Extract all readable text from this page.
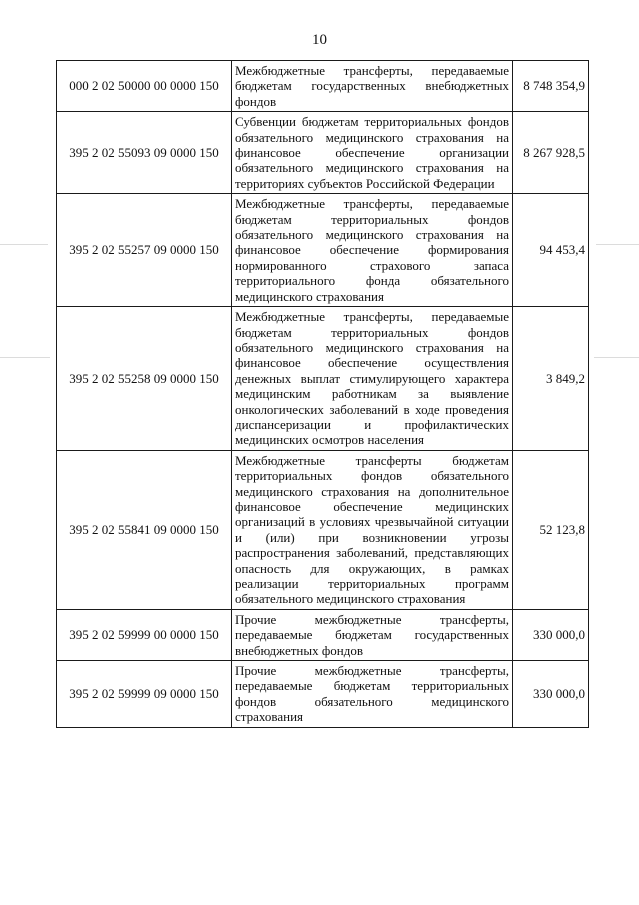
10
000 2 02 50000 00 0000 150	Межбюджетные трансферты, передаваемые бюджетам государственных внебюджетных фондов	8 748 354,9
395 2 02 55093 09 0000 150	Субвенции бюджетам территориальных фондов обязательного медицинского страхования на финансовое обеспечение организации обязательного медицинского страхования на территориях субъектов Российской Федерации	8 267 928,5
395 2 02 55257 09 0000 150	Межбюджетные трансферты, передаваемые бюджетам территориальных фондов обязательного медицинского страхования на финансовое обеспечение формирования нормированного страхового запаса территориального фонда обязательного медицинского страхования	94 453,4
395 2 02 55258 09 0000 150	Межбюджетные трансферты, передаваемые бюджетам территориальных фондов обязательного медицинского страхования на финансовое обеспечение осуществления денежных выплат стимулирующего характера медицинским работникам за выявление онкологических заболеваний в ходе проведения диспансеризации и профилактических медицинских осмотров населения	3 849,2
395 2 02 55841 09 0000 150	Межбюджетные трансферты бюджетам территориальных фондов обязательного медицинского страхования на дополнительное финансовое обеспечение медицинских организаций в условиях чрезвычайной ситуации и (или) при возникновении угрозы распространения заболеваний, представляющих опасность для окружающих, в рамках реализации территориальных программ обязательного медицинского страхования	52 123,8
395 2 02 59999 00 0000 150	Прочие межбюджетные трансферты, передаваемые бюджетам государственных внебюджетных фондов	330 000,0
395 2 02 59999 09 0000 150	Прочие межбюджетные трансферты, передаваемые бюджетам территориальных фондов обязательного медицинского страхования	330 000,0
